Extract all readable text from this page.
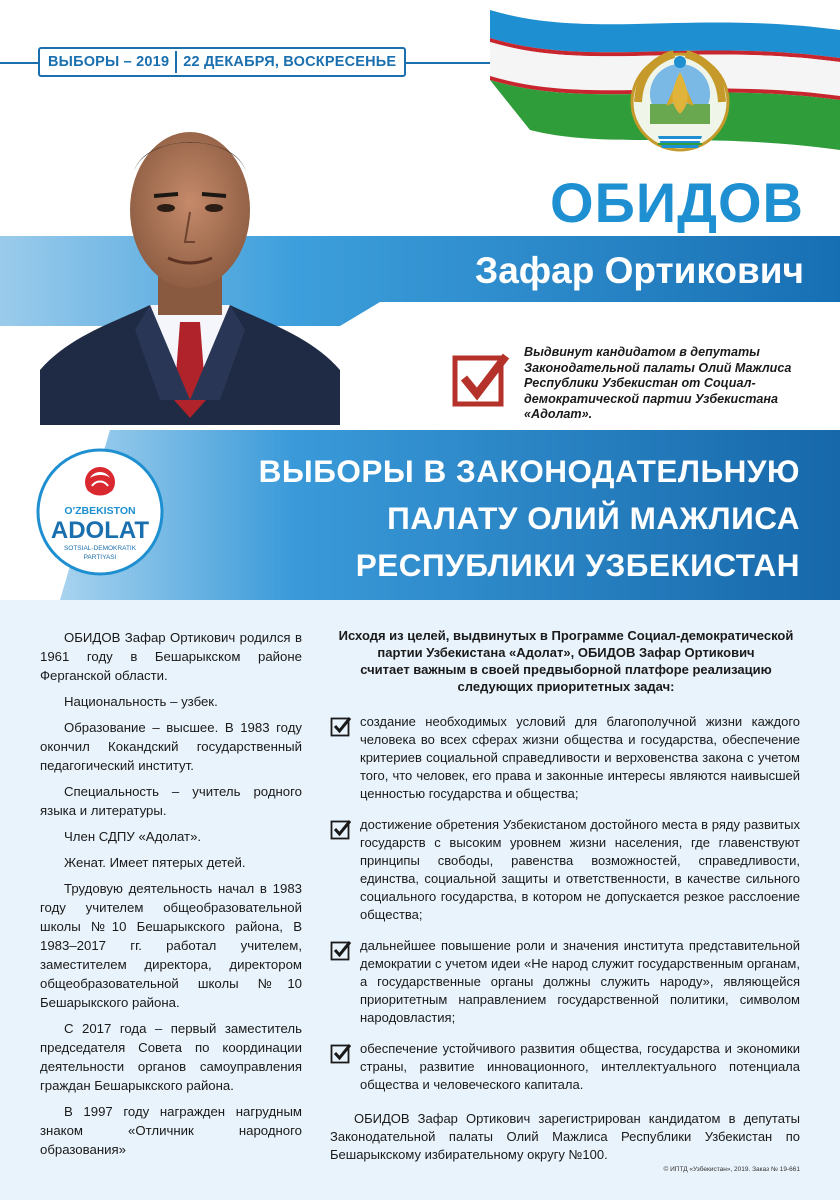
ВЫБОРЫ – 2019 22 ДЕКАБРЯ, ВОСКРЕСЕНЬЕ
ОБИДОВ
Зафар Ортикович
Выдвинут кандидатом в депутаты Законодательной палаты Олий Мажлиса Республики Узбекистан от Социал-демократической партии Узбекистана «Адолат».
ВЫБОРЫ В ЗАКОНОДАТЕЛЬНУЮ
ПАЛАТУ ОЛИЙ МАЖЛИСА
РЕСПУБЛИКИ УЗБЕКИСТАН
O'ZBEKISTON
ADOLAT
SOTSIAL-DEMOKRATIK
PARTIYASI

ОБИДОВ Зафар Ортикович родился в 1961 году в Бешарыкском районе Ферганской области.

Национальность – узбек.

Образование – высшее. В 1983 году окончил Кокандский государственный педагогический институт.

Специальность – учитель родного языка и литературы.

Член СДПУ «Адолат».

Женат. Имеет пятерых детей.

Трудовую деятельность начал в 1983 году учителем общеобразовательной школы №10 Бешарыкского района, В 1983–2017 гг. работал учителем, заместителем директора, директором общеобразовательной школы №10 Бешарыкского района.

С 2017 года – первый заместитель председателя Совета по координации деятельности органов самоуправления граждан Бешарыкского района.

В 1997 году награжден нагрудным знаком «Отличник народного образования»

Исходя из целей, выдвинутых в Программе Социал-демократической
партии Узбекистана «Адолат», ОБИДОВ Зафар Ортикович
считает важным в своей предвыборной платфоре реализацию
следующих приоритетных задач:
создание необходимых условий для благополучной жизни каждого человека во всех сферах жизни общества и государства, обеспечение критериев социальной справедливости и верховенства закона с учетом того, что человек, его права и законные интересы являются наивысшей ценностью государства и общества;
достижение обретения Узбекистаном достойного места в ряду развитых государств с высоким уровнем жизни населения, где главенствуют принципы свободы, равенства возможностей, справедливости, единства, социальной защиты и ответственности, в качестве сильного социального государства, в котором не допускается резкое расслоение общества;
дальнейшее повышение роли и значения института представительной демократии с учетом идеи «Не народ служит государственным органам, а государственные органы должны служить народу», являющейся приоритетным направлением государственной политики, символом народовластия;
обеспечение устойчивого развития общества, государства и экономики страны, развитие инновационного, интеллектуального потенциала общества и человеческого капитала.
ОБИДОВ Зафар Ортикович зарегистрирован кандидатом в депутаты Законодательной палаты Олий Мажлиса Республики Узбекистан по Бешарыкскому избирательному округу №100.
© ИПТД «Узбекистан», 2019. Заказ № 19-661
